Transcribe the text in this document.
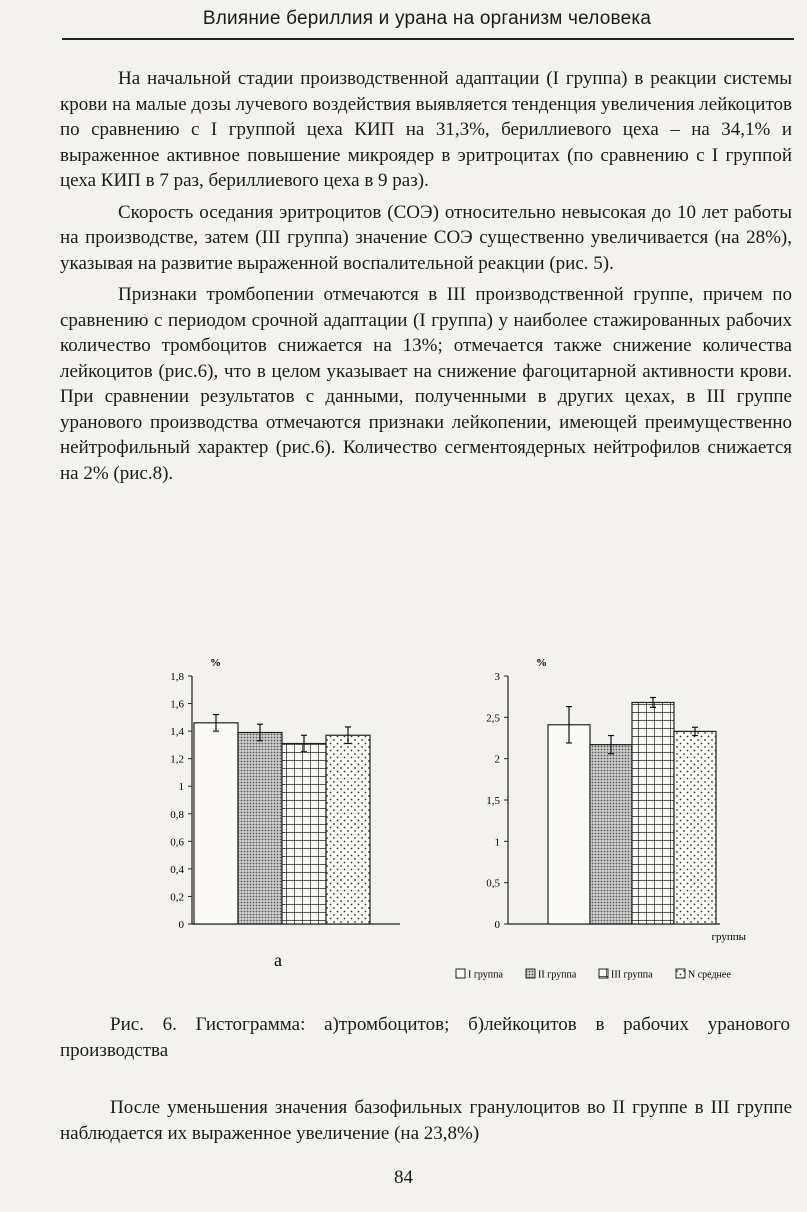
Влияние бериллия и урана на организм человека

На начальной стадии производственной адаптации (I группа) в реакции системы крови на малые дозы лучевого воздействия выявляется тенденция увеличения лейкоцитов по сравнению с I группой цеха КИП на 31,3%, бериллиевого цеха – на 34,1% и выраженное активное повышение микроядер в эритроцитах (по сравнению с I группой цеха КИП в 7 раз, бериллиевого цеха в 9 раз).

Скорость оседания эритроцитов (СОЭ) относительно невысокая до 10 лет работы на производстве, затем (III группа) значение СОЭ существенно увеличивается (на 28%), указывая на развитие выраженной воспалительной реакции (рис. 5).

Признаки тромбопении отмечаются в III производственной группе, причем по сравнению с периодом срочной адаптации (I группа) у наиболее стажированных рабочих количество тромбоцитов снижается на 13%; отмечается также снижение количества лейкоцитов (рис.6), что в целом указывает на снижение фагоцитарной активности крови. При сравнении результатов с данными, полученными в других цехах, в III группе уранового производства отмечаются признаки лейкопении, имеющей преимущественно нейтрофильный характер (рис.6). Количество сегментоядерных нейтрофилов снижается на 2% (рис.8).

0
0,2
0,4
0,6
0,8
1
1,2
1,4
1,6
1,8
%
0
0,5
1
1,5
2
2,5
3
%
а
группы
I группа	II группа	III группа	N среднее
Рис. 6. Гистограмма: а)тромбоцитов; б)лейкоцитов в рабочих уранового производства

После уменьшения значения базофильных гранулоцитов во II группе в III группе наблюдается их выраженное увеличение (на 23,8%)

84
